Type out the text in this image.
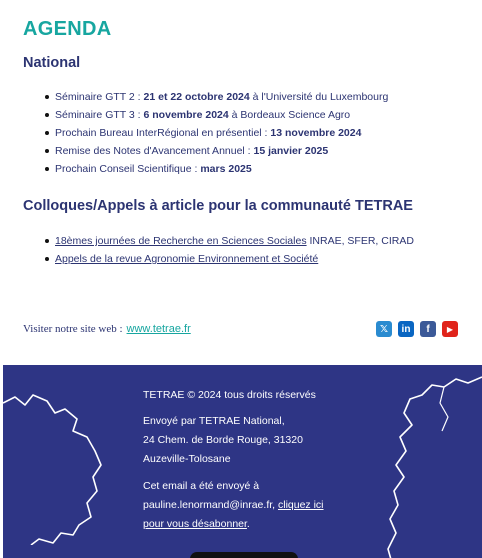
AGENDA
National
Séminaire GTT 2 : 21 et 22 octobre 2024 à l'Université du Luxembourg
Séminaire GTT 3 : 6 novembre 2024 à Bordeaux Science Agro
Prochain Bureau InterRégional en présentiel : 13 novembre 2024
Remise des Notes d'Avancement Annuel : 15 janvier 2025
Prochain Conseil Scientifique : mars 2025
Colloques/Appels à article pour la communauté TETRAE
18èmes journées de Recherche en Sciences Sociales INRAE, SFER, CIRAD
Appels de la revue Agronomie Environnement et Société
Visiter notre site web : www.tetrae.fr	𝕏	in	f	▶
TETRAE © 2024 tous droits réservés
Envoyé par TETRAE National,
24 Chem. de Borde Rouge, 31320
Auzeville-Tolosane
Cet email a été envoyé à
pauline.lenormand@inrae.fr, cliquez ici
pour vous désabonner.
